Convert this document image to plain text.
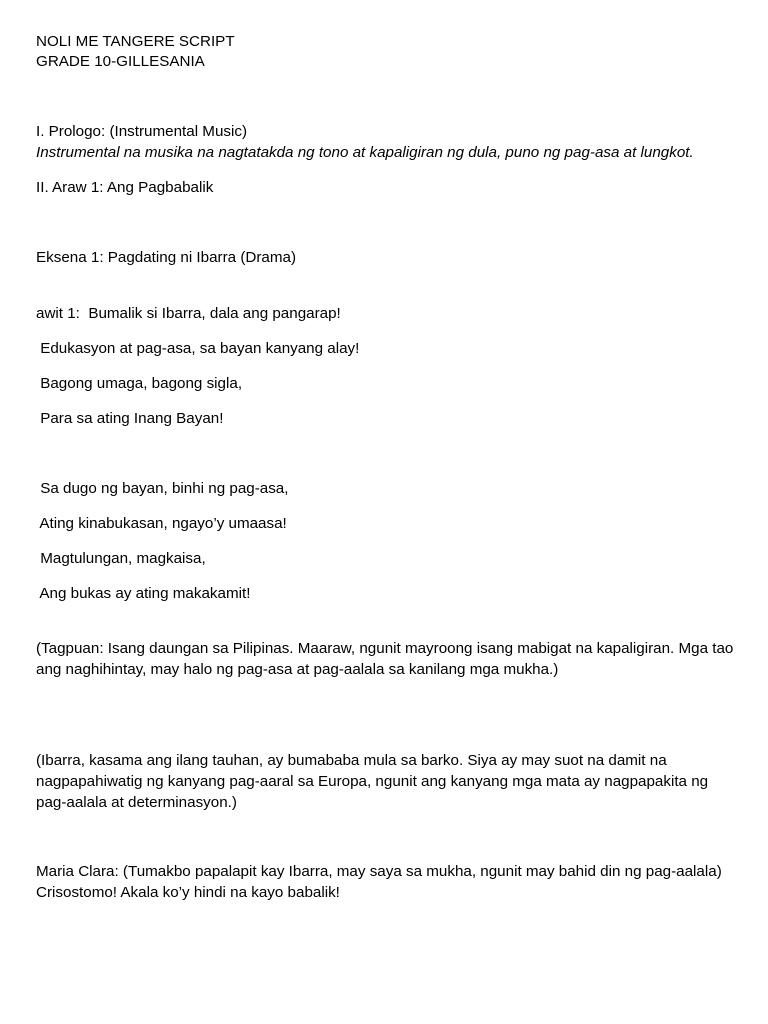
NOLI ME TANGERE SCRIPT
GRADE 10-GILLESANIA
I. Prologo: (Instrumental Music)
Instrumental na musika na nagtatakda ng tono at kapaligiran ng dula, puno ng pag-asa at lungkot.
II. Araw 1: Ang Pagbabalik
Eksena 1: Pagdating ni Ibarra (Drama)
awit 1:  Bumalik si Ibarra, dala ang pangarap!
Edukasyon at pag-asa, sa bayan kanyang alay!
Bagong umaga, bagong sigla,
Para sa ating Inang Bayan!
Sa dugo ng bayan, binhi ng pag-asa,
Ating kinabukasan, ngayo’y umaasa!
Magtulungan, magkaisa,
Ang bukas ay ating makakamit!
(Tagpuan: Isang daungan sa Pilipinas. Maaraw, ngunit mayroong isang mabigat na kapaligiran. Mga tao ang naghihintay, may halo ng pag-asa at pag-aalala sa kanilang mga mukha.)
(Ibarra, kasama ang ilang tauhan, ay bumababa mula sa barko. Siya ay may suot na damit na nagpapahiwatig ng kanyang pag-aaral sa Europa, ngunit ang kanyang mga mata ay nagpapakita ng pag-aalala at determinasyon.)
Maria Clara: (Tumakbo papalapit kay Ibarra, may saya sa mukha, ngunit may bahid din ng pag-aalala) Crisostomo! Akala ko’y hindi na kayo babalik!
